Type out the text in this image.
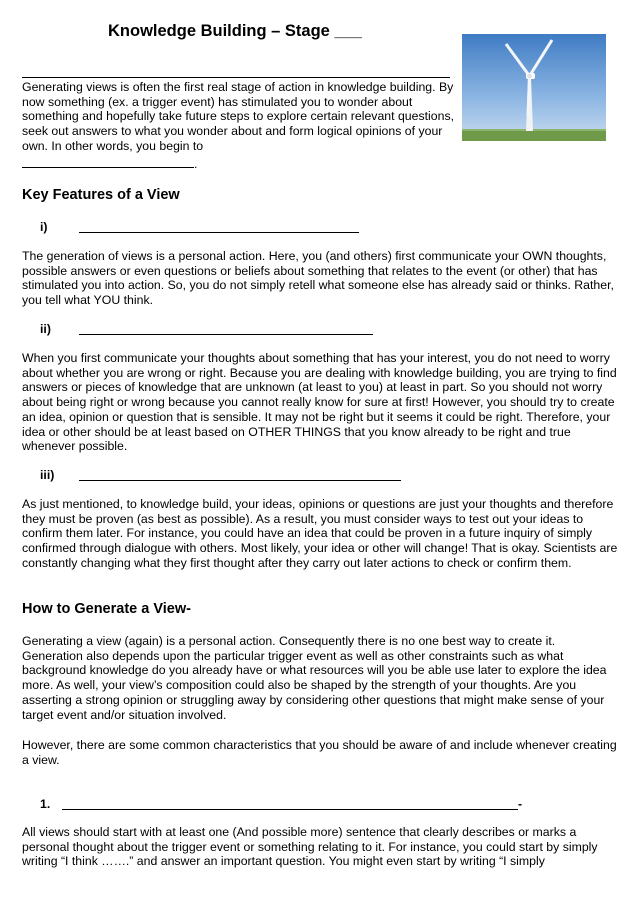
Knowledge Building – Stage ___

Generating views is often the first real stage of action in knowledge building. By now something (ex. a trigger event) has stimulated you to wonder about something and hopefully take future steps to explore certain relevant questions, seek out answers to what you wonder about and form logical opinions of your own. In other words, you begin to
.

Key Features of a View
i)

The generation of views is a personal action. Here, you (and others) first communicate your OWN thoughts, possible answers or even questions or beliefs about something that relates to the event (or other) that has stimulated you into action. So, you do not simply retell what someone else has already said or thinks. Rather, you tell what YOU think.

ii)

When you first communicate your thoughts about something that has your interest, you do not need to worry about whether you are wrong or right. Because you are dealing with knowledge building, you are trying to find answers or pieces of knowledge that are unknown (at least to you) at least in part. So you should not worry about being right or wrong because you cannot really know for sure at first! However, you should try to create an idea, opinion or question that is sensible. It may not be right but it seems it could be right. Therefore, your idea or other should be at least based on OTHER THINGS that you know already to be right and true whenever possible.

iii)

As just mentioned, to knowledge build, your ideas, opinions or questions are just your thoughts and therefore they must be proven (as best as possible). As a result, you must consider ways to test out your ideas to confirm them later. For instance, you could have an idea that could be proven in a future inquiry of simply confirmed through dialogue with others. Most likely, your idea or other will change! That is okay. Scientists are constantly changing what they first thought after they carry out later actions to check or confirm them.

How to Generate a View-

Generating a view (again) is a personal action. Consequently there is no one best way to create it. Generation also depends upon the particular trigger event as well as other constraints such as what background knowledge do you already have or what resources will you be able use later to explore the idea more. As well, your view’s composition could also be shaped by the strength of your thoughts. Are you asserting a strong opinion or struggling away by considering other questions that might make sense of your target event and/or situation involved.

However, there are some common characteristics that you should be aware of and include whenever creating a view.

1.	-

All views should start with at least one (And possible more) sentence that clearly describes or marks a personal thought about the trigger event or something relating to it. For instance, you could start by simply writing “I think …….” and answer an important question. You might even start by writing “I simply
